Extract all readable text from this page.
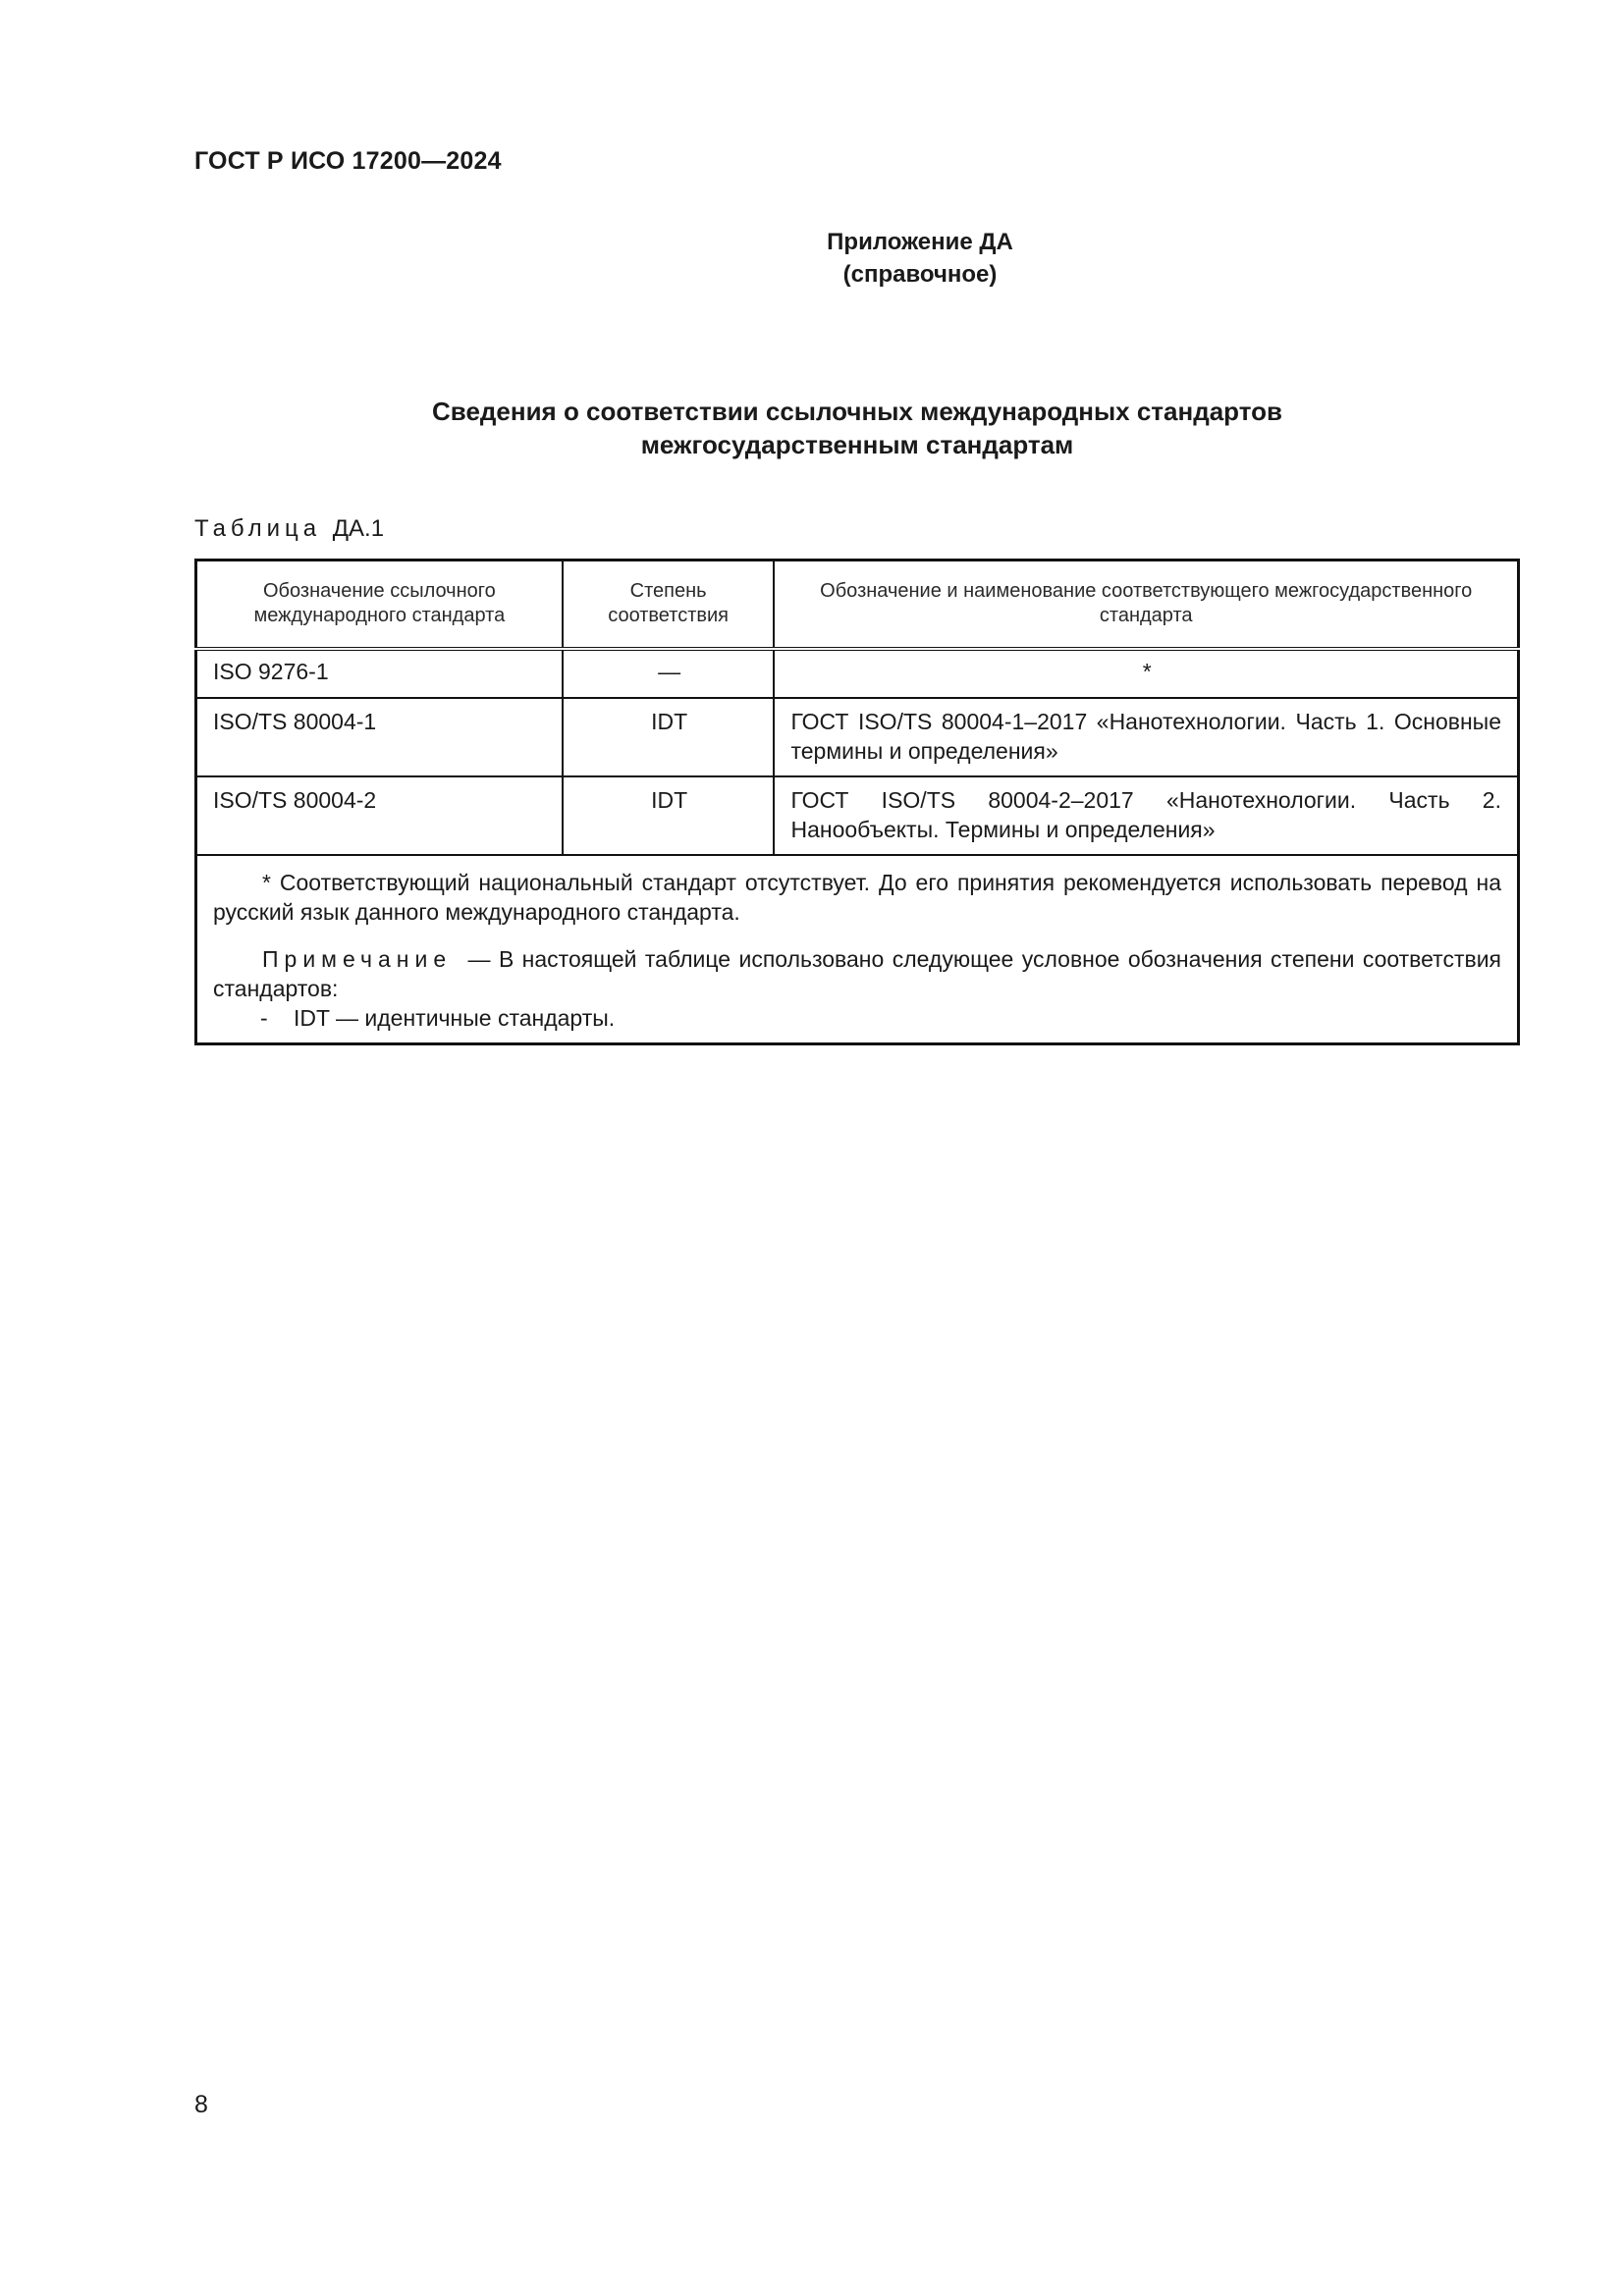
ГОСТ Р ИСО 17200—2024
Приложение ДА
(справочное)
Сведения о соответствии ссылочных международных стандартов
межгосударственным стандартам
Таблица ДА.1
Обозначение ссылочного международного стандарта	Степень соответствия	Обозначение и наименование соответствующего межгосударственного стандарта
ISO 9276-1	—	*
ISO/TS 80004-1	IDT	ГОСТ ISO/TS 80004-1–2017 «Нанотехнологии. Часть 1. Основные термины и определения»
ISO/TS 80004-2	IDT	ГОСТ ISO/TS 80004-2–2017 «Нанотехнологии. Часть 2. Нанообъекты. Термины и определения»

* Соответствующий национальный стандарт отсутствует. До его принятия рекомендуется использовать перевод на русский язык данного международного стандарта.

Примечание — В настоящей таблице использовано следующее условное обозначения степени соответствия стандартов:

- IDT — идентичные стандарты.		

8
